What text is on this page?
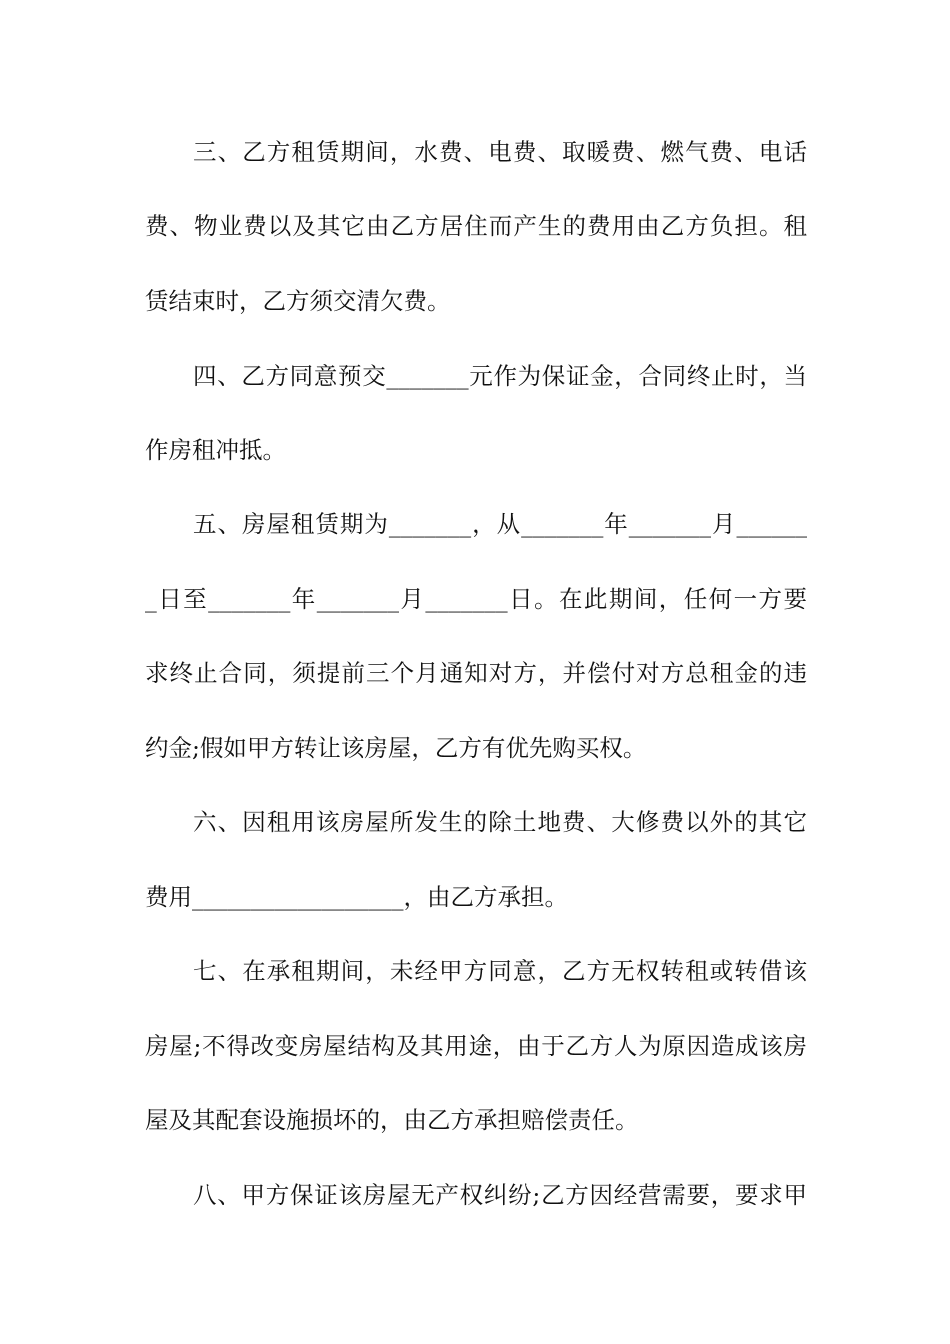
三、乙方租赁期间，水费、电费、取暖费、燃气费、电话
费、物业费以及其它由乙方居住而产生的费用由乙方负担。租
赁结束时，乙方须交清欠费。
四、乙方同意预交_______元作为保证金，合同终止时，当
作房租冲抵。
五、房屋租赁期为_______，从_______年_______月______
_日至_______年_______月_______日。在此期间，任何一方要
求终止合同，须提前三个月通知对方，并偿付对方总租金的违
约金;假如甲方转让该房屋，乙方有优先购买权。
六、因租用该房屋所发生的除土地费、大修费以外的其它
费用__________________，由乙方承担。
七、在承租期间，未经甲方同意，乙方无权转租或转借该
房屋;不得改变房屋结构及其用途，由于乙方人为原因造成该房
屋及其配套设施损坏的，由乙方承担赔偿责任。
八、甲方保证该房屋无产权纠纷;乙方因经营需要，要求甲
